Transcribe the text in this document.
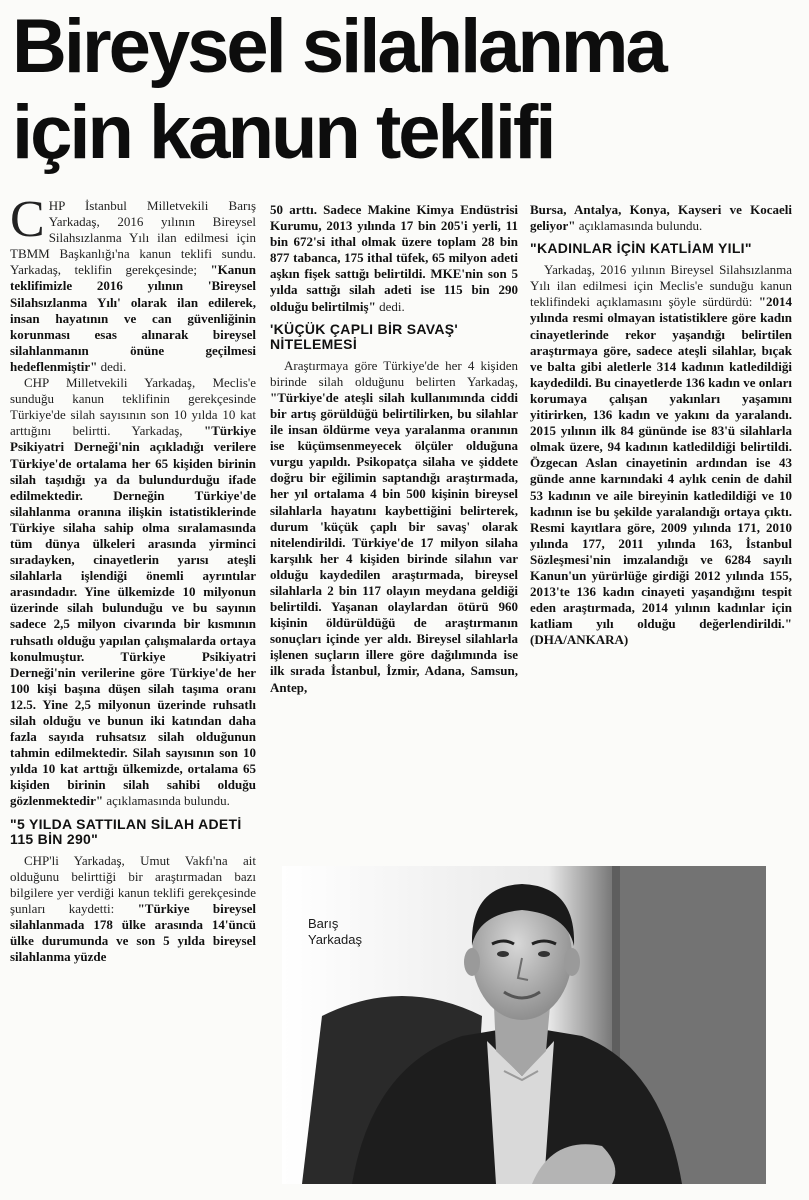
Bireysel silahlanma
için kanun teklifi

CHP İstanbul Milletvekili Barış Yarkadaş, 2016 yılının Bireysel Silahsızlanma Yılı ilan edilmesi için TBMM Başkanlığı'na kanun teklifi sundu. Yarkadaş, teklifin gerekçesinde; "Kanun teklifimizle 2016 yılının 'Bireysel Silahsızlanma Yılı' olarak ilan edilerek, insan hayatının ve can güvenliğinin korunması esas alınarak bireysel silahlanmanın önüne geçilmesi hedeflenmiştir" dedi.

CHP Milletvekili Yarkadaş, Meclis'e sunduğu kanun teklifinin gerekçesinde Türkiye'de silah sayısının son 10 yılda 10 kat arttığını belirtti. Yarkadaş, "Türkiye Psikiyatri Derneği'nin açıkladığı verilere Türkiye'de ortalama her 65 kişiden birinin silah taşıdığı ya da bulundurduğu ifade edilmektedir. Derneğin Türkiye'de silahlanma oranına ilişkin istatistiklerinde Türkiye silaha sahip olma sıralamasında tüm dünya ülkeleri arasında yirminci sıradayken, cinayetlerin yarısı ateşli silahlarla işlendiği önemli ayrıntılar arasındadır. Yine ülkemizde 10 milyonun üzerinde silah bulunduğu ve bu sayının sadece 2,5 milyon civarında bir kısmının ruhsatlı olduğu yapılan çalışmalarda ortaya konulmuştur. Türkiye Psikiyatri Derneği'nin verilerine göre Türkiye'de her 100 kişi başına düşen silah taşıma oranı 12.5. Yine 2,5 milyonun üzerinde ruhsatlı silah olduğu ve bunun iki katından daha fazla sayıda ruhsatsız silah olduğunun tahmin edilmektedir. Silah sayısının son 10 yılda 10 kat arttığı ülkemizde, ortalama 65 kişiden birinin silah sahibi olduğu gözlenmektedir" açıklamasında bulundu.

"5 YILDA SATTILAN SİLAH ADETİ 115 BİN 290"

CHP'li Yarkadaş, Umut Vakfı'na ait olduğunu belirttiği bir araştırmadan bazı bilgilere yer verdiği kanun teklifi gerekçesinde şunları kaydetti: "Türkiye bireysel silahlanmada 178 ülke arasında 14'üncü ülke durumunda ve son 5 yılda bireysel silahlanma yüzde

50 arttı. Sadece Makine Kimya Endüstrisi Kurumu, 2013 yılında 17 bin 205'i yerli, 11 bin 672'si ithal olmak üzere toplam 28 bin 877 tabanca, 175 ithal tüfek, 65 milyon adeti aşkın fişek sattığı belirtildi. MKE'nin son 5 yılda sattığı silah adeti ise 115 bin 290 olduğu belirtilmiş" dedi.

'KÜÇÜK ÇAPLI BİR SAVAŞ' NİTELEMESİ

Araştırmaya göre Türkiye'de her 4 kişiden birinde silah olduğunu belirten Yarkadaş, "Türkiye'de ateşli silah kullanımında ciddi bir artış görüldüğü belirtilirken, bu silahlar ile insan öldürme veya yaralanma oranının ise küçümsenmeyecek ölçüler olduğuna vurgu yapıldı. Psikopatça silaha ve şiddete doğru bir eğilimin saptandığı araştırmada, her yıl ortalama 4 bin 500 kişinin bireysel silahlarla hayatını kaybettiğini belirterek, durum 'küçük çaplı bir savaş' olarak nitelendirildi. Türkiye'de 17 milyon silaha karşılık her 4 kişiden birinde silahın var olduğu kaydedilen araştırmada, bireysel silahlarla 2 bin 117 olayın meydana geldiği belirtildi. Yaşanan olaylardan ötürü 960 kişinin öldürüldüğü de araştırmanın sonuçları içinde yer aldı. Bireysel silahlarla işlenen suçların illere göre dağılımında ise ilk sırada İstanbul, İzmir, Adana, Samsun, Antep,

Bursa, Antalya, Konya, Kayseri ve Kocaeli geliyor" açıklamasında bulundu.

"KADINLAR İÇİN KATLİAM YILI"

Yarkadaş, 2016 yılının Bireysel Silahsızlanma Yılı ilan edilmesi için Meclis'e sunduğu kanun teklifindeki açıklamasını şöyle sürdürdü: "2014 yılında resmi olmayan istatistiklere göre kadın cinayetlerinde rekor yaşandığı belirtilen araştırmaya göre, sadece ateşli silahlar, bıçak ve balta gibi aletlerle 314 kadının katledildiği kaydedildi. Bu cinayetlerde 136 kadın ve onları korumaya çalışan yakınları yaşamını yitirirken, 136 kadın ve yakını da yaralandı. 2015 yılının ilk 84 gününde ise 83'ü silahlarla olmak üzere, 94 kadının katledildiği belirtildi. Özgecan Aslan cinayetinin ardından ise 43 günde anne karnındaki 4 aylık cenin de dahil 53 kadının ve aile bireyinin katledildiği ve 10 kadının ise bu şekilde yaralandığı ortaya çıktı. Resmi kayıtlara göre, 2009 yılında 171, 2010 yılında 177, 2011 yılında 163, İstanbul Sözleşmesi'nin imzalandığı ve 6284 sayılı Kanun'un yürürlüğe girdiği 2012 yılında 155, 2013'te 136 kadın cinayeti yaşandığını tespit eden araştırmada, 2014 yılının kadınlar için katliam yılı olduğu değerlendirildi." (DHA/ANKARA)

Barış
Yarkadaş
